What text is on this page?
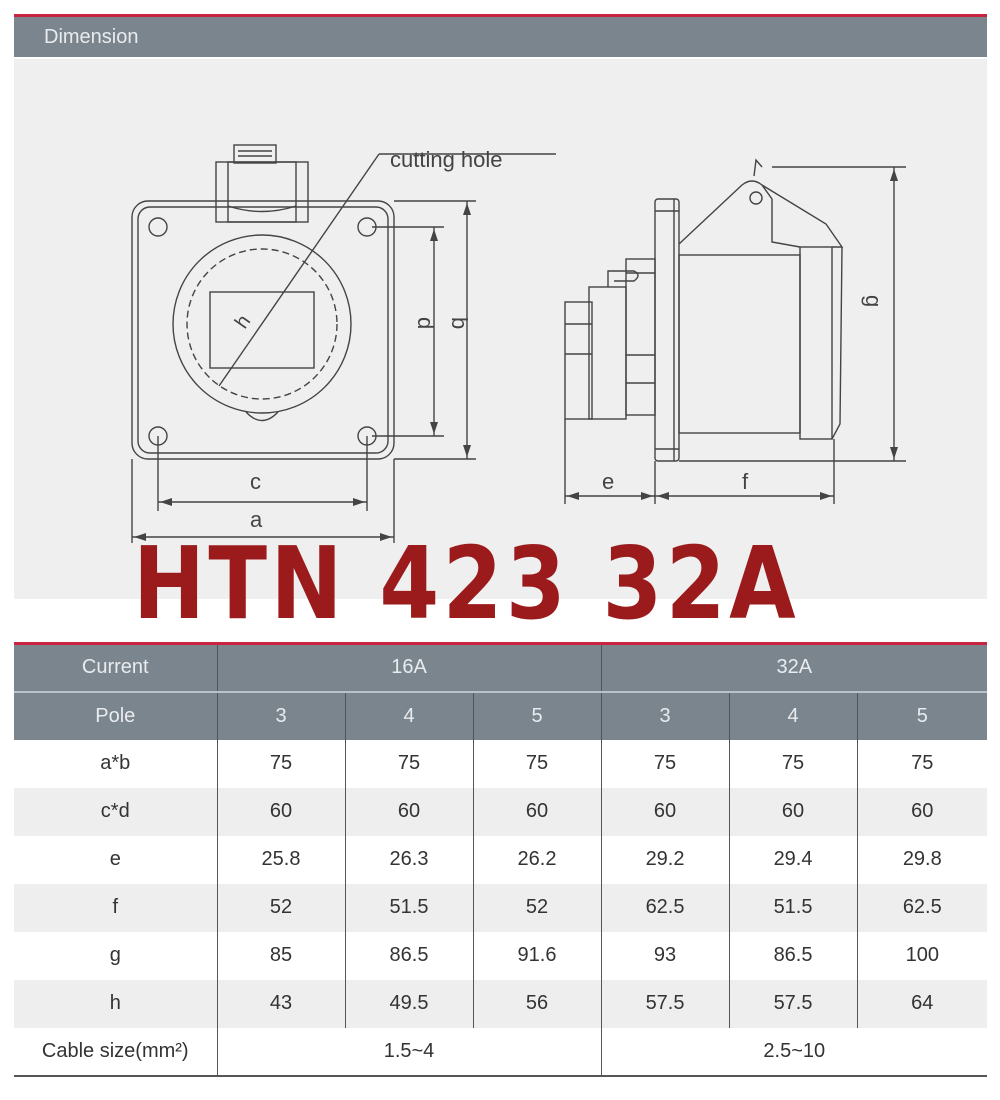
Dimension
h	d b
c
a
cutting hole
g
e	f
HTN 423 32A
Current	16A			32A		
Pole	3	4	5	3	4	5
a*b	75	75	75	75	75	75
c*d	60	60	60	60	60	60
e	25.8	26.3	26.2	29.2	29.4	29.8
f	52	51.5	52	62.5	51.5	62.5
g	85	86.5	91.6	93	86.5	100
h	43	49.5	56	57.5	57.5	64
Cable size(mm²)	1.5~4			2.5~10		
